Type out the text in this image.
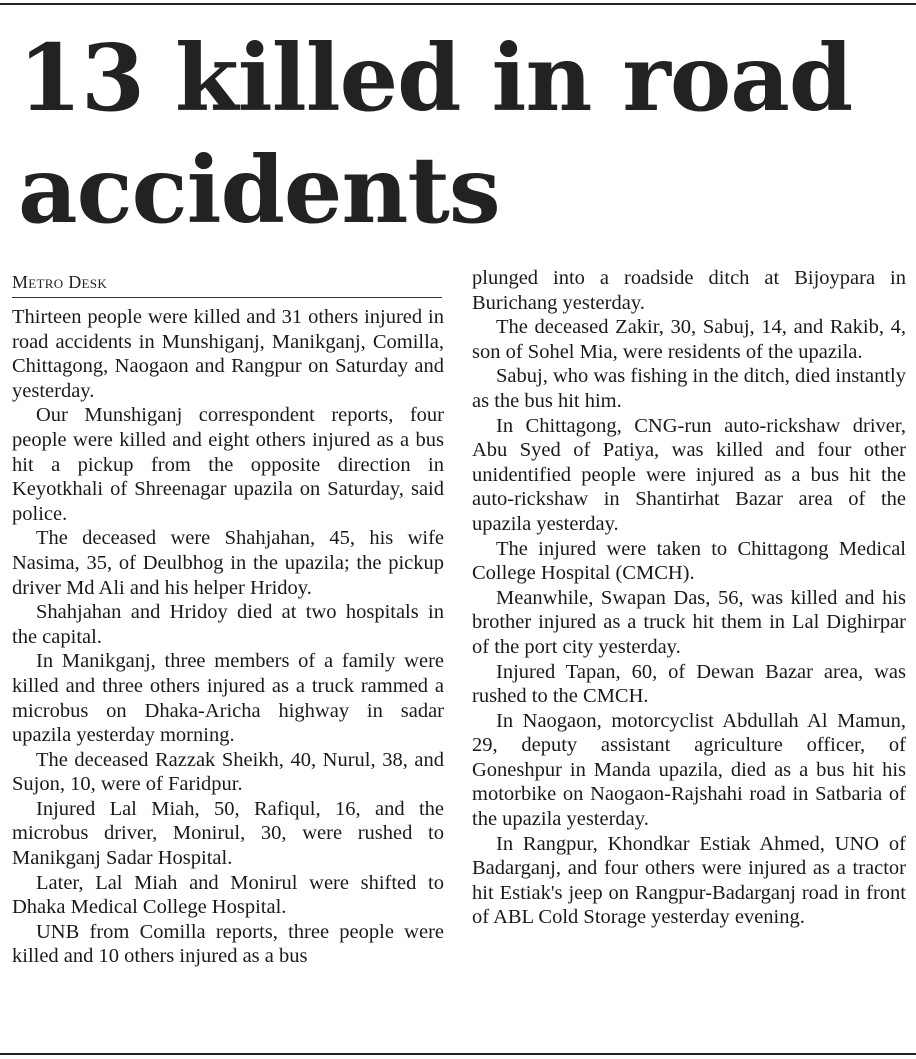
13 killed in road accidents
Metro Desk

Thirteen people were killed and 31 others injured in road accidents in Munshiganj, Manikganj, Comilla, Chittagong, Naogaon and Rangpur on Saturday and yesterday.

Our Munshiganj correspondent reports, four people were killed and eight others injured as a bus hit a pickup from the opposite direction in Keyotkhali of Shreenagar upazila on Saturday, said police.

The deceased were Shahjahan, 45, his wife Nasima, 35, of Deulbhog in the upazila; the pickup driver Md Ali and his helper Hridoy.

Shahjahan and Hridoy died at two hospitals in the capital.

In Manikganj, three members of a family were killed and three others injured as a truck rammed a microbus on Dhaka-Aricha highway in sadar upazila yesterday morning.

The deceased Razzak Sheikh, 40, Nurul, 38, and Sujon, 10, were of Faridpur.

Injured Lal Miah, 50, Rafiqul, 16, and the microbus driver, Monirul, 30, were rushed to Manikganj Sadar Hospital.

Later, Lal Miah and Monirul were shifted to Dhaka Medical College Hospital.

UNB from Comilla reports, three people were killed and 10 others injured as a bus

plunged into a roadside ditch at Bijoypara in Burichang yesterday.

The deceased Zakir, 30, Sabuj, 14, and Rakib, 4, son of Sohel Mia, were residents of the upazila.

Sabuj, who was fishing in the ditch, died instantly as the bus hit him.

In Chittagong, CNG-run auto-rickshaw driver, Abu Syed of Patiya, was killed and four other unidentified people were injured as a bus hit the auto-rickshaw in Shantirhat Bazar area of the upazila yesterday.

The injured were taken to Chittagong Medical College Hospital (CMCH).

Meanwhile, Swapan Das, 56, was killed and his brother injured as a truck hit them in Lal Dighirpar of the port city yesterday.

Injured Tapan, 60, of Dewan Bazar area, was rushed to the CMCH.

In Naogaon, motorcyclist Abdullah Al Mamun, 29, deputy assistant agriculture officer, of Goneshpur in Manda upazila, died as a bus hit his motorbike on Naogaon-Rajshahi road in Satbaria of the upazila yesterday.

In Rangpur, Khondkar Estiak Ahmed, UNO of Badarganj, and four others were injured as a tractor hit Estiak's jeep on Rangpur-Badarganj road in front of ABL Cold Storage yesterday evening.
